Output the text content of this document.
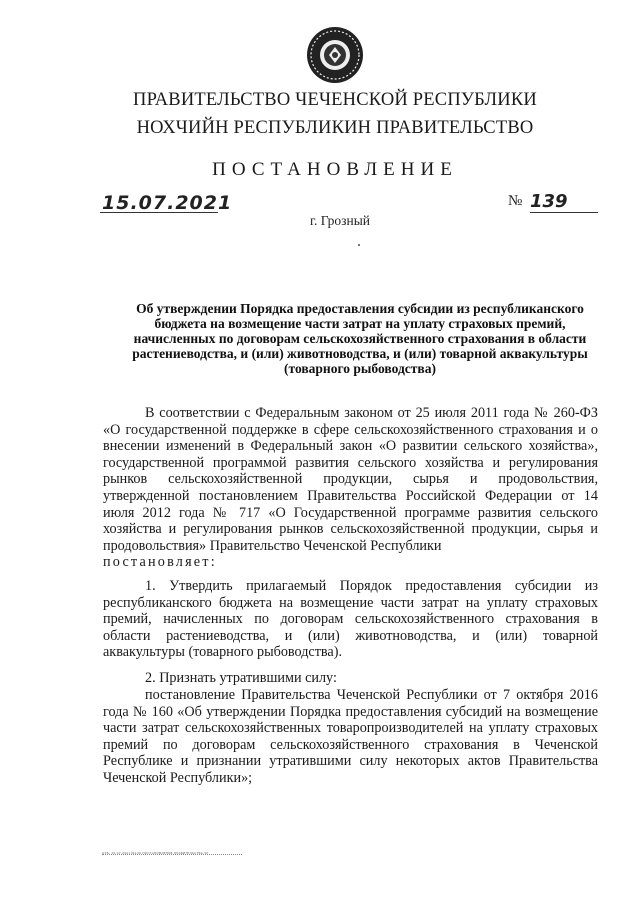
ПРАВИТЕЛЬСТВО ЧЕЧЕНСКОЙ РЕСПУБЛИКИ
НОХЧИЙН РЕСПУБЛИКИН ПРАВИТЕЛЬСТВО
ПОСТАНОВЛЕНИЕ
15.07.2021	№ 139
г. Грозный
Об утверждении Порядка предоставления субсидии из республиканского бюджета на возмещение части затрат на уплату страховых премий, начисленных по договорам сельскохозяйственного страхования в области растениеводства, и (или) животноводства, и (или) товарной аквакультуры (товарного рыбоводства)
В соответствии с Федеральным законом от 25 июля 2011 года № 260-ФЗ «О государственной поддержке в сфере сельскохозяйственного страхования и о внесении изменений в Федеральный закон «О развитии сельского хозяйства», государственной программой развития сельского хозяйства и регулирования рынков сельскохозяйственной продукции, сырья и продовольствия, утвержденной постановлением Правительства Российской Федерации от 14 июля 2012 года № 717 «О Государственной программе развития сельского хозяйства и регулирования рынков сельскохозяйственной продукции, сырья и продовольствия» Правительство Чеченской Республики
постановляет:
1. Утвердить прилагаемый Порядок предоставления субсидии из республиканского бюджета на возмещение части затрат на уплату страховых премий, начисленных по договорам сельскохозяйственного страхования в области растениеводства, и (или) животноводства, и (или) товарной аквакультуры (товарного рыбоводства).
2. Признать утратившими силу:
постановление Правительства Чеченской Республики от 7 октября 2016 года № 160 «Об утверждении Порядка предоставления субсидий на возмещение части затрат сельскохозяйственных товаропроизводителей на уплату страховых премий по договорам сельскохозяйственного страхования в Чеченской Республике и признании утратившими силу некоторых актов Правительства Чеченской Республики»;
ОТБ: 15.07.2021 №139 ПОСТАНОВЛЕНИЕ ПРАВИТЕЛЬСТВА ЧР
